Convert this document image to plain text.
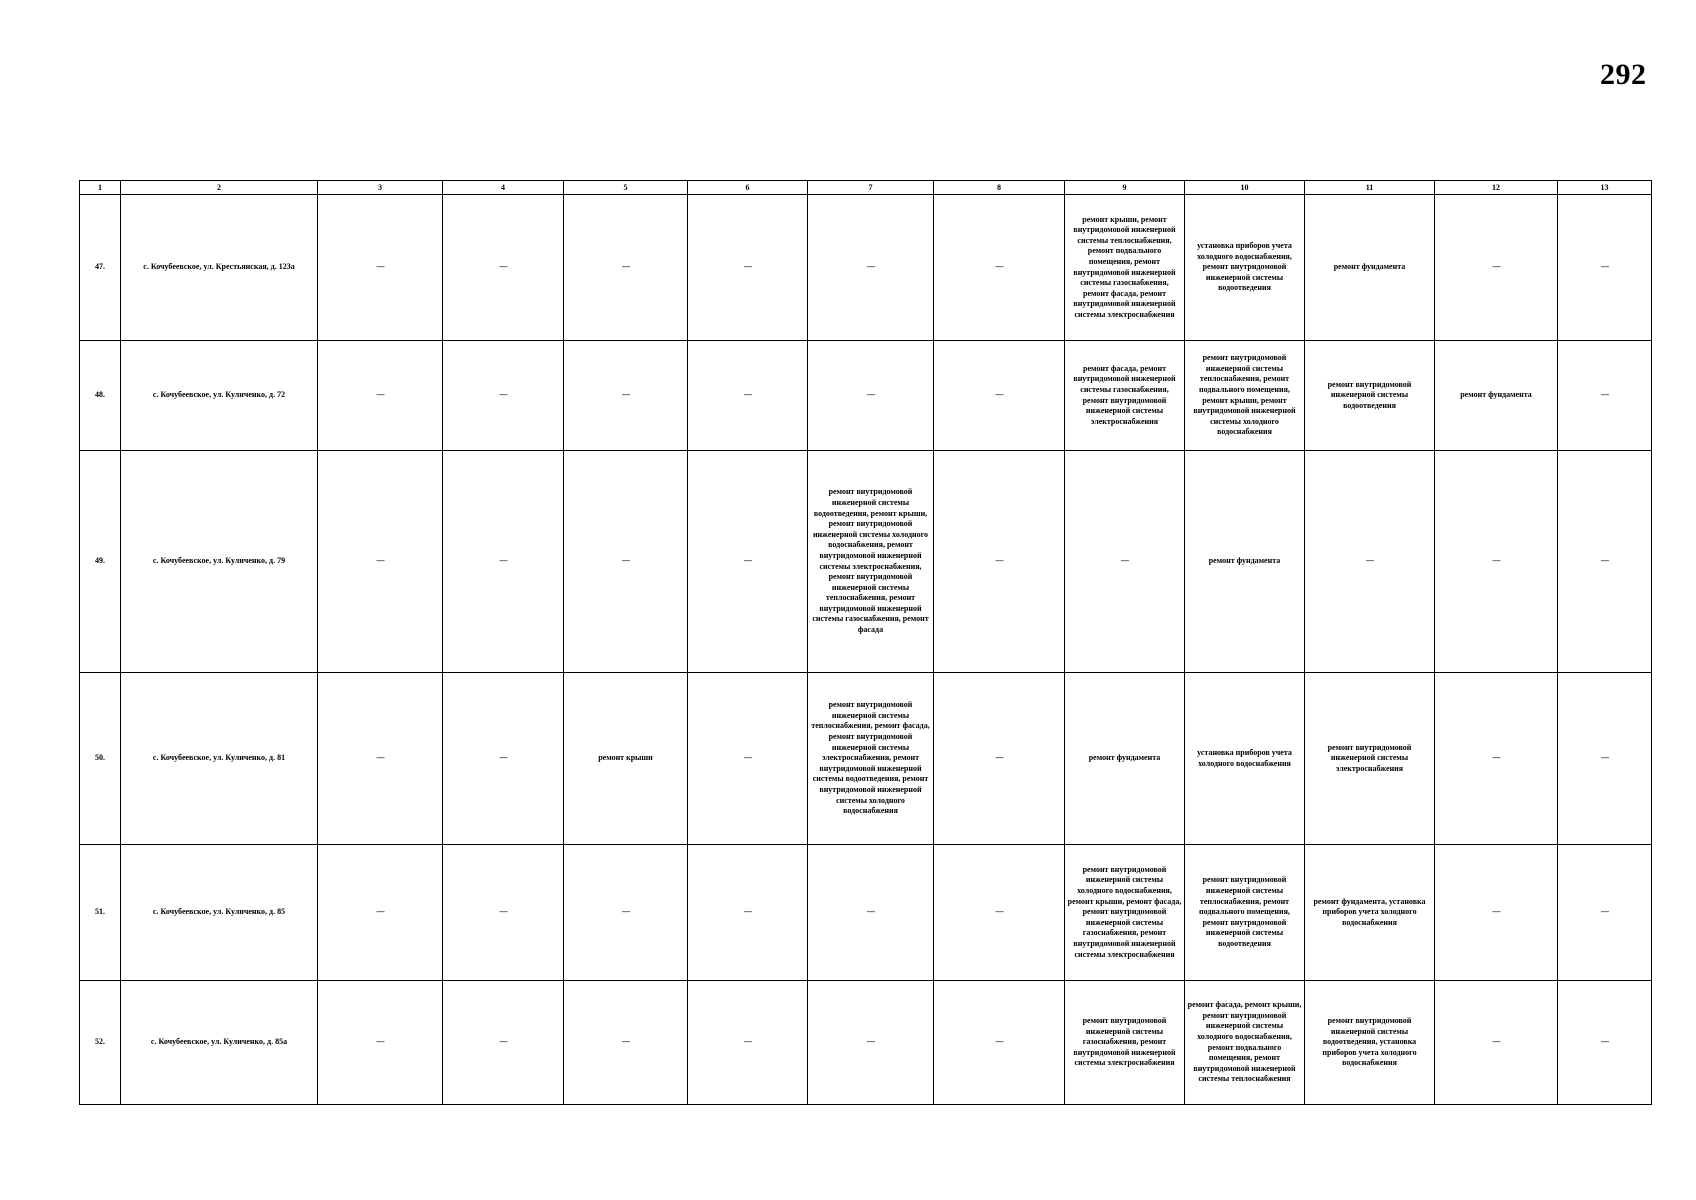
292
1	2	3	4	5	6	7	8	9	10	11	12	13
47.	с. Кочубеевское, ул. Крестьянская, д. 123а	—	—	—	—	—	—	ремонт крыши, ремонт внутридомовой инженерной системы теплоснабжения, ремонт подвального помещения, ремонт внутридомовой инженерной системы газоснабжения, ремонт фасада, ремонт внутридомовой инженерной системы электроснабжения	установка приборов учета холодного водоснабжения, ремонт внутридомовой инженерной системы водоотведения	ремонт фундамента	—	—
48.	с. Кочубеевское, ул. Куличенко, д. 72	—	—	—	—	—	—	ремонт фасада, ремонт внутридомовой инженерной системы газоснабжения, ремонт внутридомовой инженерной системы электроснабжения	ремонт внутридомовой инженерной системы теплоснабжения, ремонт подвального помещения, ремонт крыши, ремонт внутридомовой инженерной системы холодного водоснабжения	ремонт внутридомовой инженерной системы водоотведения	ремонт фундамента	—
49.	с. Кочубеевское, ул. Куличенко, д. 79	—	—	—	—	ремонт внутридомовой инженерной системы водоотведения, ремонт крыши, ремонт внутридомовой инженерной системы холодного водоснабжения, ремонт внутридомовой инженерной системы электроснабжения, ремонт внутридомовой инженерной системы теплоснабжения, ремонт внутридомовой инженерной системы газоснабжения, ремонт фасада	—	—	ремонт фундамента	—	—	—
50.	с. Кочубеевское, ул. Куличенко, д. 81	—	—	ремонт крыши	—	ремонт внутридомовой инженерной системы теплоснабжения, ремонт фасада, ремонт внутридомовой инженерной системы электроснабжения, ремонт внутридомовой инженерной системы водоотведения, ремонт внутридомовой инженерной системы холодного водоснабжения	—	ремонт фундамента	установка приборов учета холодного водоснабжения	ремонт внутридомовой инженерной системы электроснабжения	—	—
51.	с. Кочубеевское, ул. Куличенко, д. 85	—	—	—	—	—	—	ремонт внутридомовой инженерной системы холодного водоснабжения, ремонт крыши, ремонт фасада, ремонт внутридомовой инженерной системы газоснабжения, ремонт внутридомовой инженерной системы электроснабжения	ремонт внутридомовой инженерной системы теплоснабжения, ремонт подвального помещения, ремонт внутридомовой инженерной системы водоотведения	ремонт фундамента, установка приборов учета холодного водоснабжения	—	—
52.	с. Кочубеевское, ул. Куличенко, д. 85а	—	—	—	—	—	—	ремонт внутридомовой инженерной системы газоснабжения, ремонт внутридомовой инженерной системы электроснабжения	ремонт фасада, ремонт крыши, ремонт внутридомовой инженерной системы холодного водоснабжения, ремонт подвального помещения, ремонт внутридомовой инженерной системы теплоснабжения	ремонт внутридомовой инженерной системы водоотведения, установка приборов учета холодного водоснабжения	—	—
